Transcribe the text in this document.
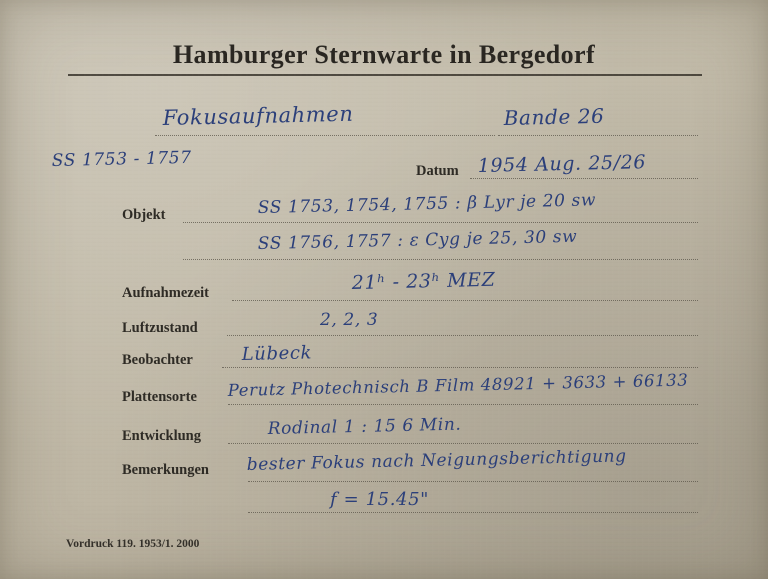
Hamburger Sternwarte in Bergedorf
Fokusaufnahmen	Bande 26
SS 1753 - 1757	Datum 1954 Aug. 25/26
Objekt	SS 1753, 1754, 1755 : β Lyr je 20 sw
SS 1756, 1757 : ε Cyg je 25, 30 sw
Aufnahmezeit	21ʰ - 23ʰ MEZ
Luftzustand	2, 2, 3
Beobachter	Lübeck
Plattensorte Perutz Photechnisch B Film 48921 + 3633 + 66133
Entwicklung	Rodinal 1 : 15 6 Min.
Bemerkungen bester Fokus nach Neigungsberichtigung
f = 15.45"
Vordruck 119. 1953/1. 2000
